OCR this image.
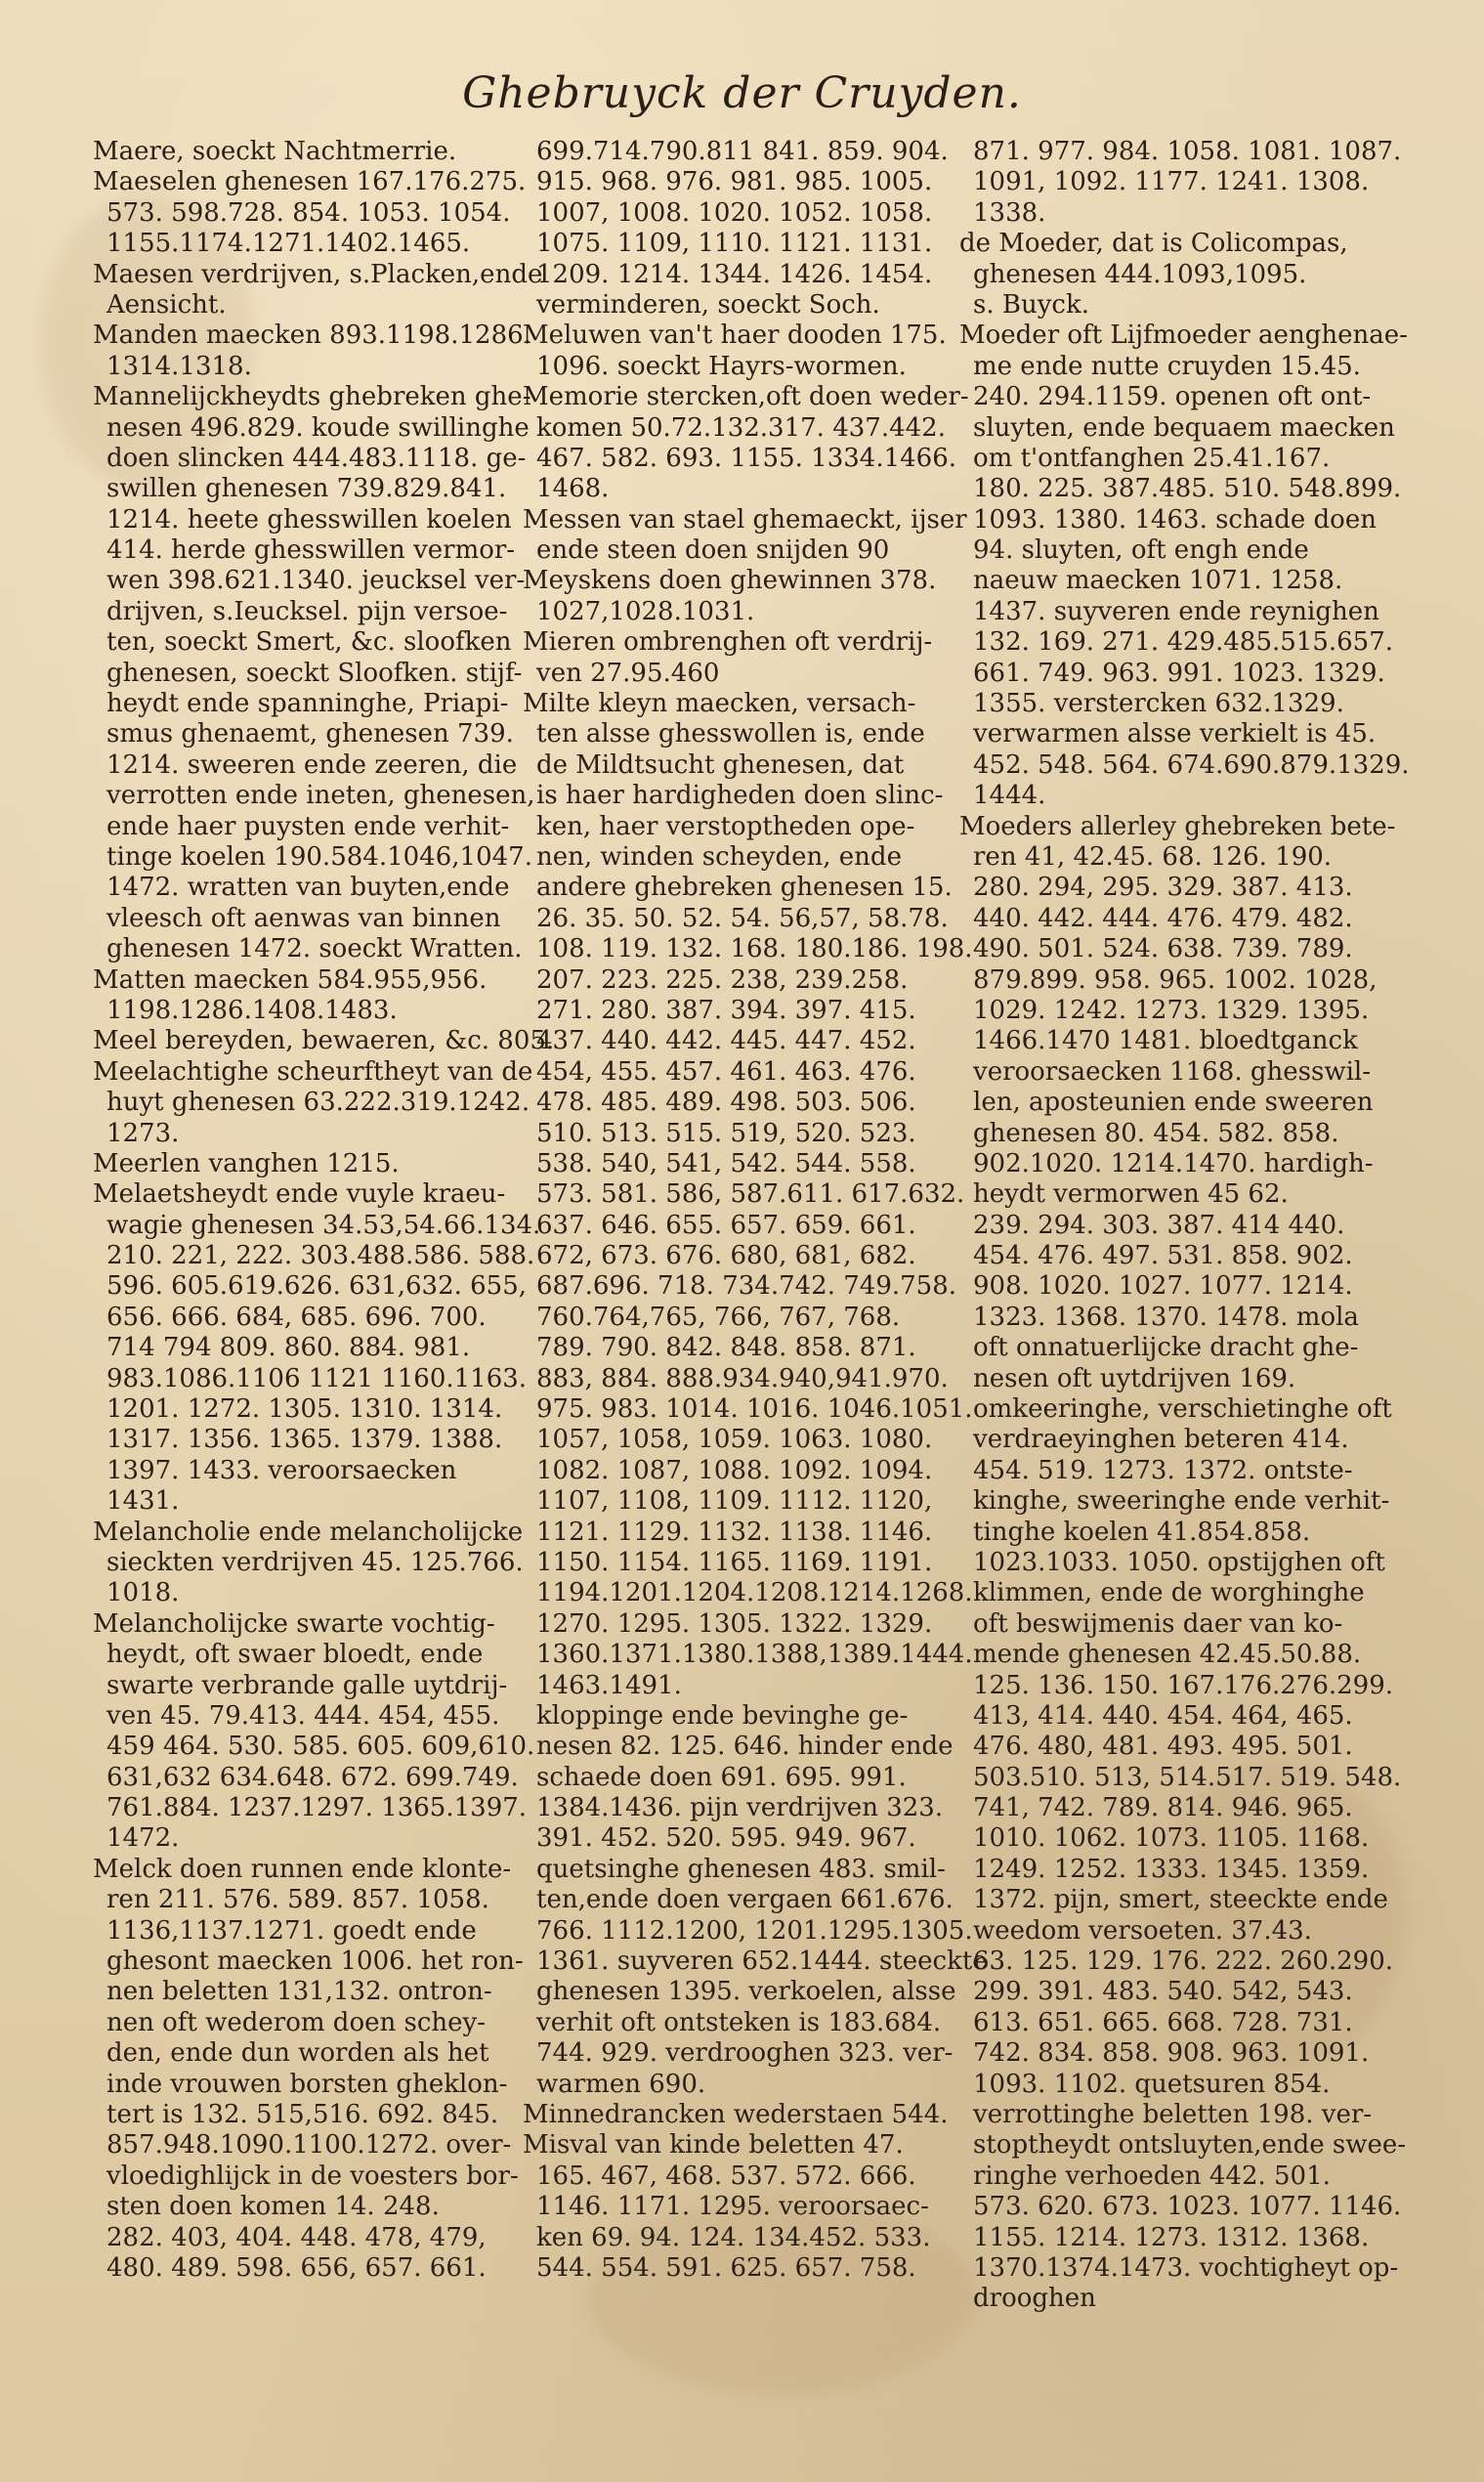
Ghebruyck der Cruyden.
Maere, soeckt Nachtmerrie.
Maeselen ghenesen 167.176.275.
573. 598.728. 854. 1053. 1054.
1155.1174.1271.1402.1465.
Maesen verdrijven, s.Placken,ende
Aensicht.
Manden maecken 893.1198.1286.
1314.1318.
Mannelijckheydts ghebreken ghe-
nesen 496.829. koude swillinghe
doen slincken 444.483.1118. ge-
swillen ghenesen 739.829.841.
1214. heete ghesswillen koelen
414. herde ghesswillen vermor-
wen 398.621.1340. jeucksel ver-
drijven, s.Ieucksel. pijn versoe-
ten, soeckt Smert, &c. sloofken
ghenesen, soeckt Sloofken. stijf-
heydt ende spanninghe, Priapi-
smus ghenaemt, ghenesen 739.
1214. sweeren ende zeeren, die
verrotten ende ineten, ghenesen,
ende haer puysten ende verhit-
tinge koelen 190.584.1046,1047.
1472. wratten van buyten,ende
vleesch oft aenwas van binnen
ghenesen 1472. soeckt Wratten.
Matten maecken 584.955,956.
1198.1286.1408.1483.
Meel bereyden, bewaeren, &c. 805.
Meelachtighe scheurftheyt van de
huyt ghenesen 63.222.319.1242.
1273.
Meerlen vanghen 1215.
Melaetsheydt ende vuyle kraeu-
wagie ghenesen 34.53,54.66.134.
210. 221, 222. 303.488.586. 588.
596. 605.619.626. 631,632. 655,
656. 666. 684, 685. 696. 700.
714 794 809. 860. 884. 981.
983.1086.1106 1121 1160.1163.
1201. 1272. 1305. 1310. 1314.
1317. 1356. 1365. 1379. 1388.
1397. 1433. veroorsaecken
1431.
Melancholie ende melancholijcke
sieckten verdrijven 45. 125.766.
1018.
Melancholijcke swarte vochtig-
heydt, oft swaer bloedt, ende
swarte verbrande galle uytdrij-
ven 45. 79.413. 444. 454, 455.
459 464. 530. 585. 605. 609,610.
631,632 634.648. 672. 699.749.
761.884. 1237.1297. 1365.1397.
1472.
Melck doen runnen ende klonte-
ren 211. 576. 589. 857. 1058.
1136,1137.1271. goedt ende
ghesont maecken 1006. het ron-
nen beletten 131,132. ontron-
nen oft wederom doen schey-
den, ende dun worden als het
inde vrouwen borsten gheklon-
tert is 132. 515,516. 692. 845.
857.948.1090.1100.1272. over-
vloedighlijck in de voesters bor-
sten doen komen 14. 248.
282. 403, 404. 448. 478, 479,
480. 489. 598. 656, 657. 661.
699.714.790.811 841. 859. 904.
915. 968. 976. 981. 985. 1005.
1007, 1008. 1020. 1052. 1058.
1075. 1109, 1110. 1121. 1131.
1209. 1214. 1344. 1426. 1454.
verminderen, soeckt Soch.
Meluwen van't haer dooden 175.
1096. soeckt Hayrs-wormen.
Memorie stercken,oft doen weder-
komen 50.72.132.317. 437.442.
467. 582. 693. 1155. 1334.1466.
1468.
Messen van stael ghemaeckt, ijser
ende steen doen snijden 90
Meyskens doen ghewinnen 378.
1027,1028.1031.
Mieren ombrenghen oft verdrij-
ven 27.95.460
Milte kleyn maecken, versach-
ten alsse ghesswollen is, ende
de Mildtsucht ghenesen, dat
is haer hardigheden doen slinc-
ken, haer verstoptheden ope-
nen, winden scheyden, ende
andere ghebreken ghenesen 15.
26. 35. 50. 52. 54. 56,57, 58.78.
108. 119. 132. 168. 180.186. 198.
207. 223. 225. 238, 239.258.
271. 280. 387. 394. 397. 415.
437. 440. 442. 445. 447. 452.
454, 455. 457. 461. 463. 476.
478. 485. 489. 498. 503. 506.
510. 513. 515. 519, 520. 523.
538. 540, 541, 542. 544. 558.
573. 581. 586, 587.611. 617.632.
637. 646. 655. 657. 659. 661.
672, 673. 676. 680, 681, 682.
687.696. 718. 734.742. 749.758.
760.764,765, 766, 767, 768.
789. 790. 842. 848. 858. 871.
883, 884. 888.934.940,941.970.
975. 983. 1014. 1016. 1046.1051.
1057, 1058, 1059. 1063. 1080.
1082. 1087, 1088. 1092. 1094.
1107, 1108, 1109. 1112. 1120,
1121. 1129. 1132. 1138. 1146.
1150. 1154. 1165. 1169. 1191.
1194.1201.1204.1208.1214.1268.
1270. 1295. 1305. 1322. 1329.
1360.1371.1380.1388,1389.1444.
1463.1491.
kloppinge ende bevinghe ge-
nesen 82. 125. 646. hinder ende
schaede doen 691. 695. 991.
1384.1436. pijn verdrijven 323.
391. 452. 520. 595. 949. 967.
quetsinghe ghenesen 483. smil-
ten,ende doen vergaen 661.676.
766. 1112.1200, 1201.1295.1305.
1361. suyveren 652.1444. steeckte
ghenesen 1395. verkoelen, alsse
verhit oft ontsteken is 183.684.
744. 929. verdrooghen 323. ver-
warmen 690.
Minnedrancken wederstaen 544.
Misval van kinde beletten 47.
165. 467, 468. 537. 572. 666.
1146. 1171. 1295. veroorsaec-
ken 69. 94. 124. 134.452. 533.
544. 554. 591. 625. 657. 758.
871. 977. 984. 1058. 1081. 1087.
1091, 1092. 1177. 1241. 1308.
1338.
de Moeder, dat is Colicompas,
ghenesen 444.1093,1095.
s. Buyck.
Moeder oft Lijfmoeder aenghenae-
me ende nutte cruyden 15.45.
240. 294.1159. openen oft ont-
sluyten, ende bequaem maecken
om t'ontfanghen 25.41.167.
180. 225. 387.485. 510. 548.899.
1093. 1380. 1463. schade doen
94. sluyten, oft engh ende
naeuw maecken 1071. 1258.
1437. suyveren ende reynighen
132. 169. 271. 429.485.515.657.
661. 749. 963. 991. 1023. 1329.
1355. verstercken 632.1329.
verwarmen alsse verkielt is 45.
452. 548. 564. 674.690.879.1329.
1444.
Moeders allerley ghebreken bete-
ren 41, 42.45. 68. 126. 190.
280. 294, 295. 329. 387. 413.
440. 442. 444. 476. 479. 482.
490. 501. 524. 638. 739. 789.
879.899. 958. 965. 1002. 1028,
1029. 1242. 1273. 1329. 1395.
1466.1470 1481. bloedtganck
veroorsaecken 1168. ghesswil-
len, aposteunien ende sweeren
ghenesen 80. 454. 582. 858.
902.1020. 1214.1470. hardigh-
heydt vermorwen 45 62.
239. 294. 303. 387. 414 440.
454. 476. 497. 531. 858. 902.
908. 1020. 1027. 1077. 1214.
1323. 1368. 1370. 1478. mola
oft onnatuerlijcke dracht ghe-
nesen oft uytdrijven 169.
omkeeringhe, verschietinghe oft
verdraeyinghen beteren 414.
454. 519. 1273. 1372. ontste-
kinghe, sweeringhe ende verhit-
tinghe koelen 41.854.858.
1023.1033. 1050. opstijghen oft
klimmen, ende de worghinghe
oft beswijmenis daer van ko-
mende ghenesen 42.45.50.88.
125. 136. 150. 167.176.276.299.
413, 414. 440. 454. 464, 465.
476. 480, 481. 493. 495. 501.
503.510. 513, 514.517. 519. 548.
741, 742. 789. 814. 946. 965.
1010. 1062. 1073. 1105. 1168.
1249. 1252. 1333. 1345. 1359.
1372. pijn, smert, steeckte ende
weedom versoeten. 37.43.
63. 125. 129. 176. 222. 260.290.
299. 391. 483. 540. 542, 543.
613. 651. 665. 668. 728. 731.
742. 834. 858. 908. 963. 1091.
1093. 1102. quetsuren 854.
verrottinghe beletten 198. ver-
stoptheydt ontsluyten,ende swee-
ringhe verhoeden 442. 501.
573. 620. 673. 1023. 1077. 1146.
1155. 1214. 1273. 1312. 1368.
1370.1374.1473. vochtigheyt op-
drooghen
